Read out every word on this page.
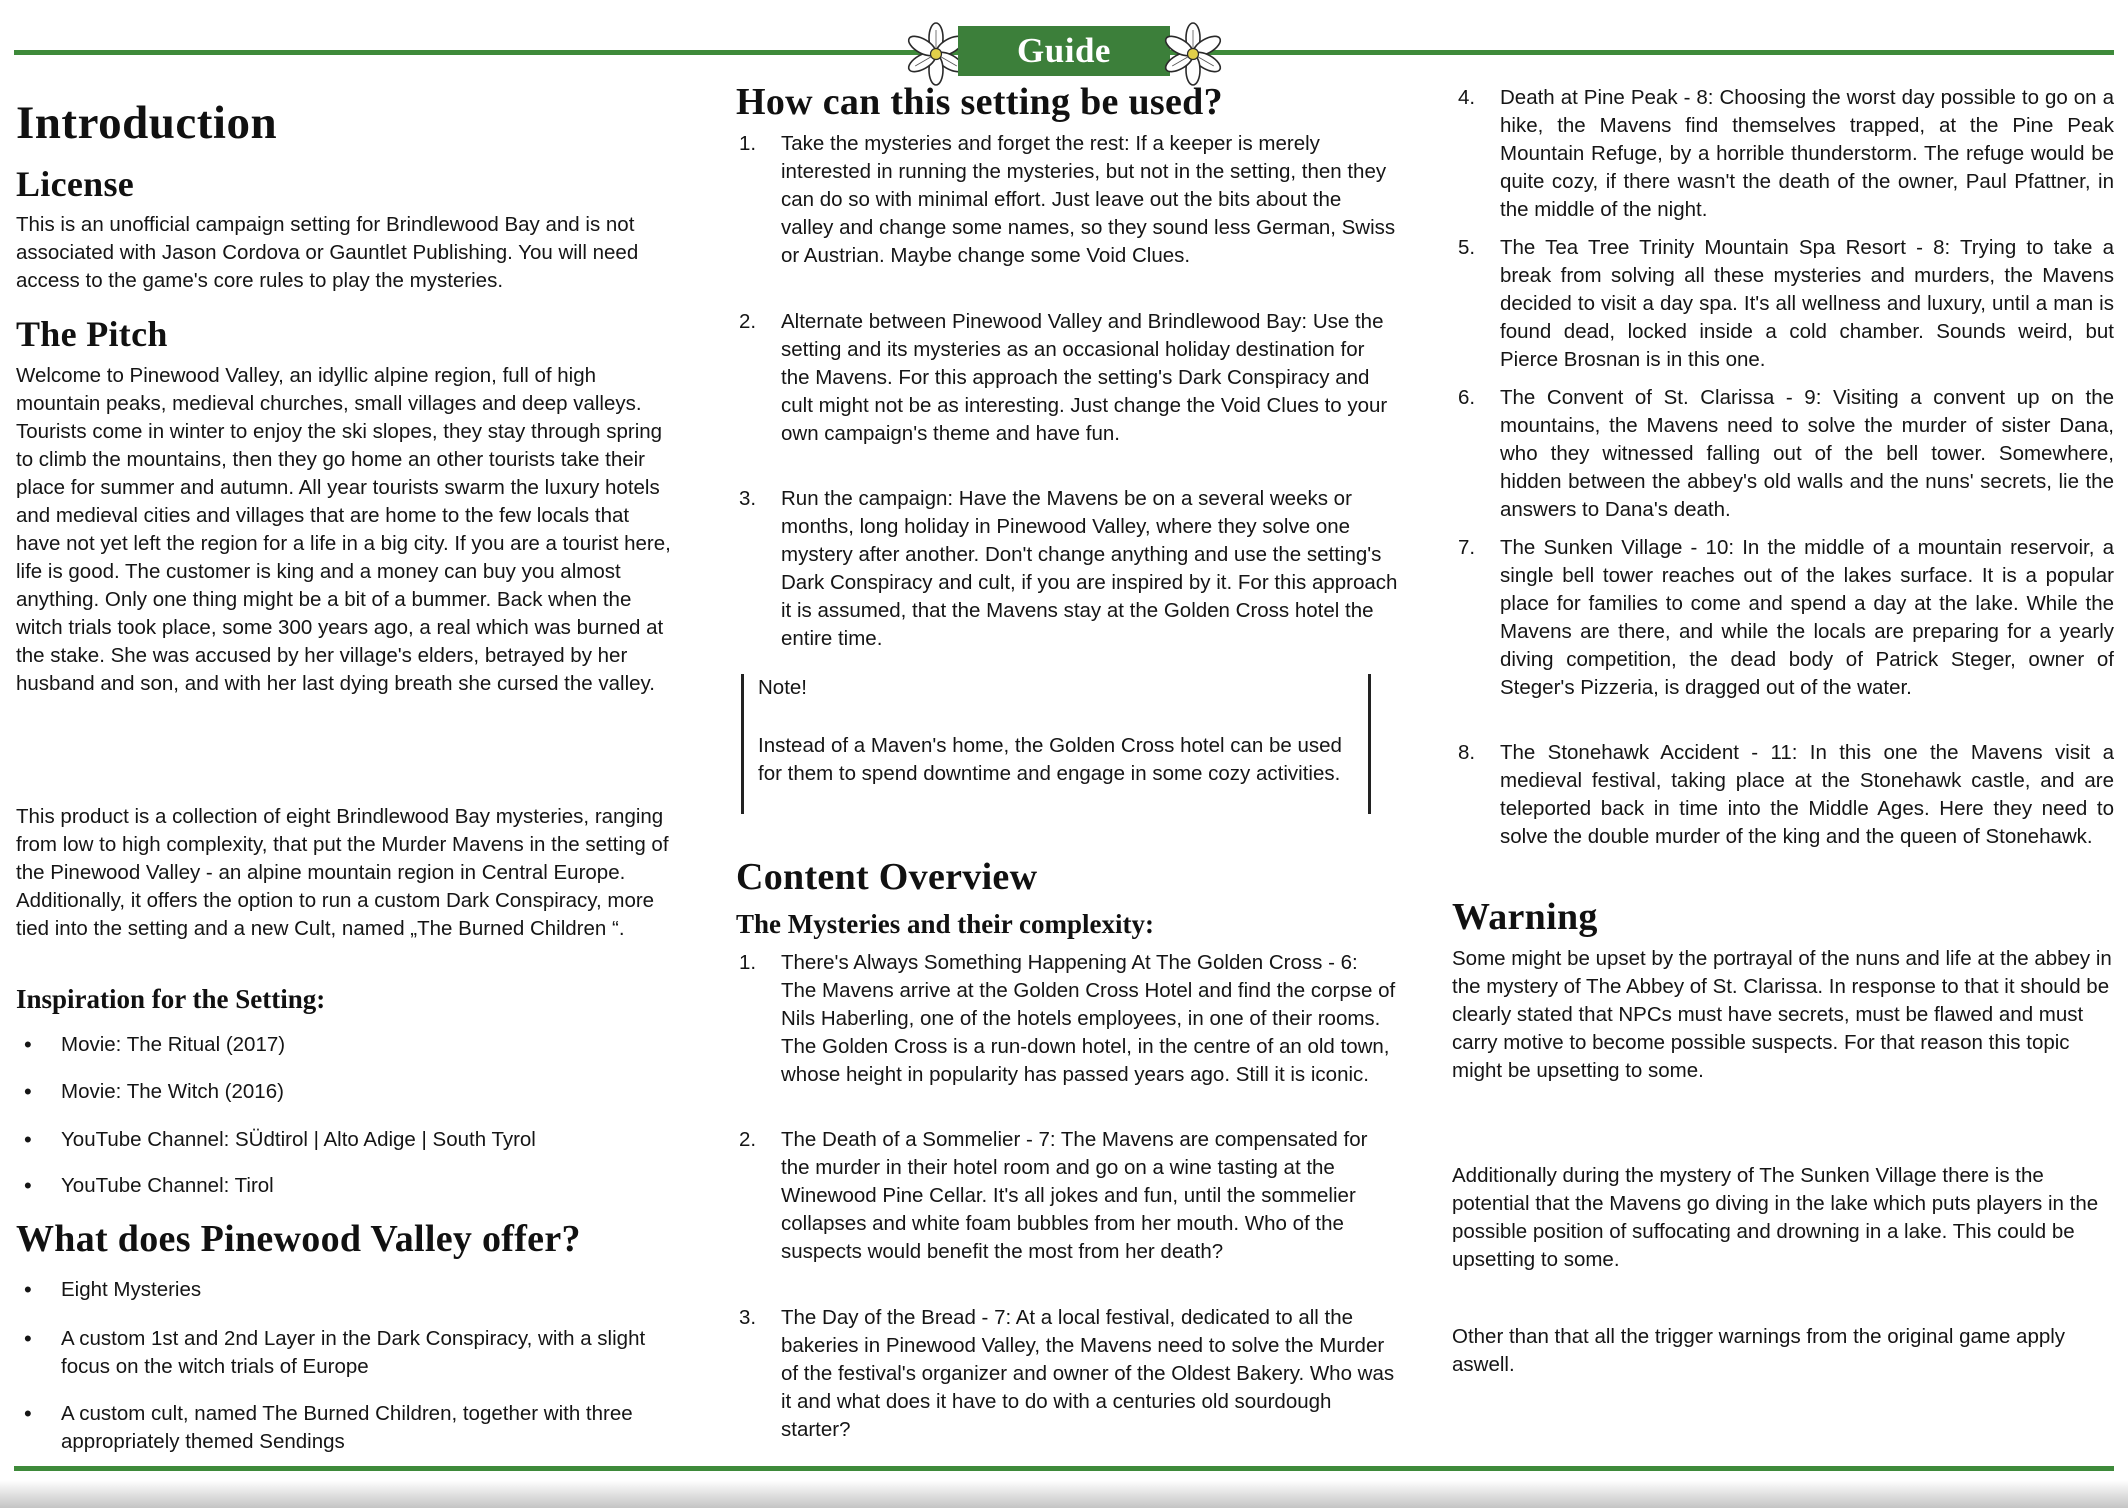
Guide
Introduction
License

This is an unofficial campaign setting for Brindlewood Bay and is not associated with Jason Cordova or Gauntlet Publishing. You will need access to the game's core rules to play the mysteries.

The Pitch

Welcome to Pinewood Valley, an idyllic alpine region, full of high mountain peaks, medieval churches, small villages and deep valleys. Tourists come in winter to enjoy the ski slopes, they stay through spring to climb the mountains, then they go home an other tourists take their place for summer and autumn. All year tourists swarm the luxury hotels and medieval cities and villages that are home to the few locals that have not yet left the region for a life in a big city. If you are a tourist here, life is good. The customer is king and a money can buy you almost anything. Only one thing might be a bit of a bummer. Back when the witch trials took place, some 300 years ago, a real which was burned at the stake. She was accused by her village's elders, betrayed by her husband and son, and with her last dying breath she cursed the valley.

This product is a collection of eight Brindlewood Bay mysteries, ranging from low to high complexity, that put the Murder Mavens in the setting of the Pinewood Valley - an alpine mountain region in Central Europe. Additionally, it offers the option to run a custom Dark Conspiracy, more tied into the setting and a new Cult, named „The Burned Children “.

Inspiration for the Setting:
•	Movie: The Ritual (2017)
•	Movie: The Witch (2016)
•	YouTube Channel: SÜdtirol | Alto Adige | South Tyrol
•	YouTube Channel: Tirol
What does Pinewood Valley offer?
•	Eight Mysteries
•	A custom 1st and 2nd Layer in the Dark Conspiracy, with a slight focus on the witch trials of Europe
•	A custom cult, named The Burned Children, together with three appropriately themed Sendings
How can this setting be used?
1.	Take the mysteries and forget the rest: If a keeper is merely interested in running the mysteries, but not in the setting, then they can do so with minimal effort. Just leave out the bits about the valley and change some names, so they sound less German, Swiss or Austrian. Maybe change some Void Clues.
2.	Alternate between Pinewood Valley and Brindlewood Bay: Use the setting and its mysteries as an occasional holiday destination for the Mavens. For this approach the setting's Dark Conspiracy and cult might not be as interesting. Just change the Void Clues to your own campaign's theme and have fun.
3.	Run the campaign: Have the Mavens be on a several weeks or months, long holiday in Pinewood Valley, where they solve one mystery after another. Don't change anything and use the setting's Dark Conspiracy and cult, if you are inspired by it. For this approach it is assumed, that the Mavens stay at the Golden Cross hotel the entire time.
Note!
Instead of a Maven's home, the Golden Cross hotel can be used for them to spend downtime and engage in some cozy activities.
Content Overview
The Mysteries and their complexity:
1.	There's Always Something Happening At The Golden Cross - 6: The Mavens arrive at the Golden Cross Hotel and find the corpse of Nils Haberling, one of the hotels employees, in one of their rooms. The Golden Cross is a run-down hotel, in the centre of an old town, whose height in popularity has passed years ago. Still it is iconic.
2.	The Death of a Sommelier - 7: The Mavens are compensated for the murder in their hotel room and go on a wine tasting at the Winewood Pine Cellar. It's all jokes and fun, until the sommelier collapses and white foam bubbles from her mouth. Who of the suspects would benefit the most from her death?
3.	The Day of the Bread - 7: At a local festival, dedicated to all the bakeries in Pinewood Valley, the Mavens need to solve the Murder of the festival's organizer and owner of the Oldest Bakery. Who was it and what does it have to do with a centuries old sourdough starter?
4.	Death at Pine Peak - 8: Choosing the worst day possible to go on a hike, the Mavens find themselves trapped, at the Pine Peak Mountain Refuge, by a horrible thunderstorm. The refuge would be quite cozy, if there wasn't the death of the owner, Paul Pfattner, in the middle of the night.
5.	The Tea Tree Trinity Mountain Spa Resort - 8: Trying to take a break from solving all these mysteries and murders, the Mavens decided to visit a day spa. It's all wellness and luxury, until a man is found dead, locked inside a cold chamber. Sounds weird, but Pierce Brosnan is in this one.
6.	The Convent of St. Clarissa - 9: Visiting a convent up on the mountains, the Mavens need to solve the murder of sister Dana, who they witnessed falling out of the bell tower. Somewhere, hidden between the abbey's old walls and the nuns' secrets, lie the answers to Dana's death.
7.	The Sunken Village - 10: In the middle of a mountain reservoir, a single bell tower reaches out of the lakes surface. It is a popular place for families to come and spend a day at the lake. While the Mavens are there, and while the locals are preparing for a yearly diving competition, the dead body of Patrick Steger, owner of Steger's Pizzeria, is dragged out of the water.
8.	The Stonehawk Accident - 11: In this one the Mavens visit a medieval festival, taking place at the Stonehawk castle, and are teleported back in time into the Middle Ages. Here they need to solve the double murder of the king and the queen of Stonehawk.
Warning

Some might be upset by the portrayal of the nuns and life at the abbey in the mystery of The Abbey of St. Clarissa. In response to that it should be clearly stated that NPCs must have secrets, must be flawed and must carry motive to become possible suspects. For that reason this topic might be upsetting to some.

Additionally during the mystery of The Sunken Village there is the potential that the Mavens go diving in the lake which puts players in the possible position of suffocating and drowning in a lake. This could be upsetting to some.

Other than that all the trigger warnings from the original game apply aswell.
